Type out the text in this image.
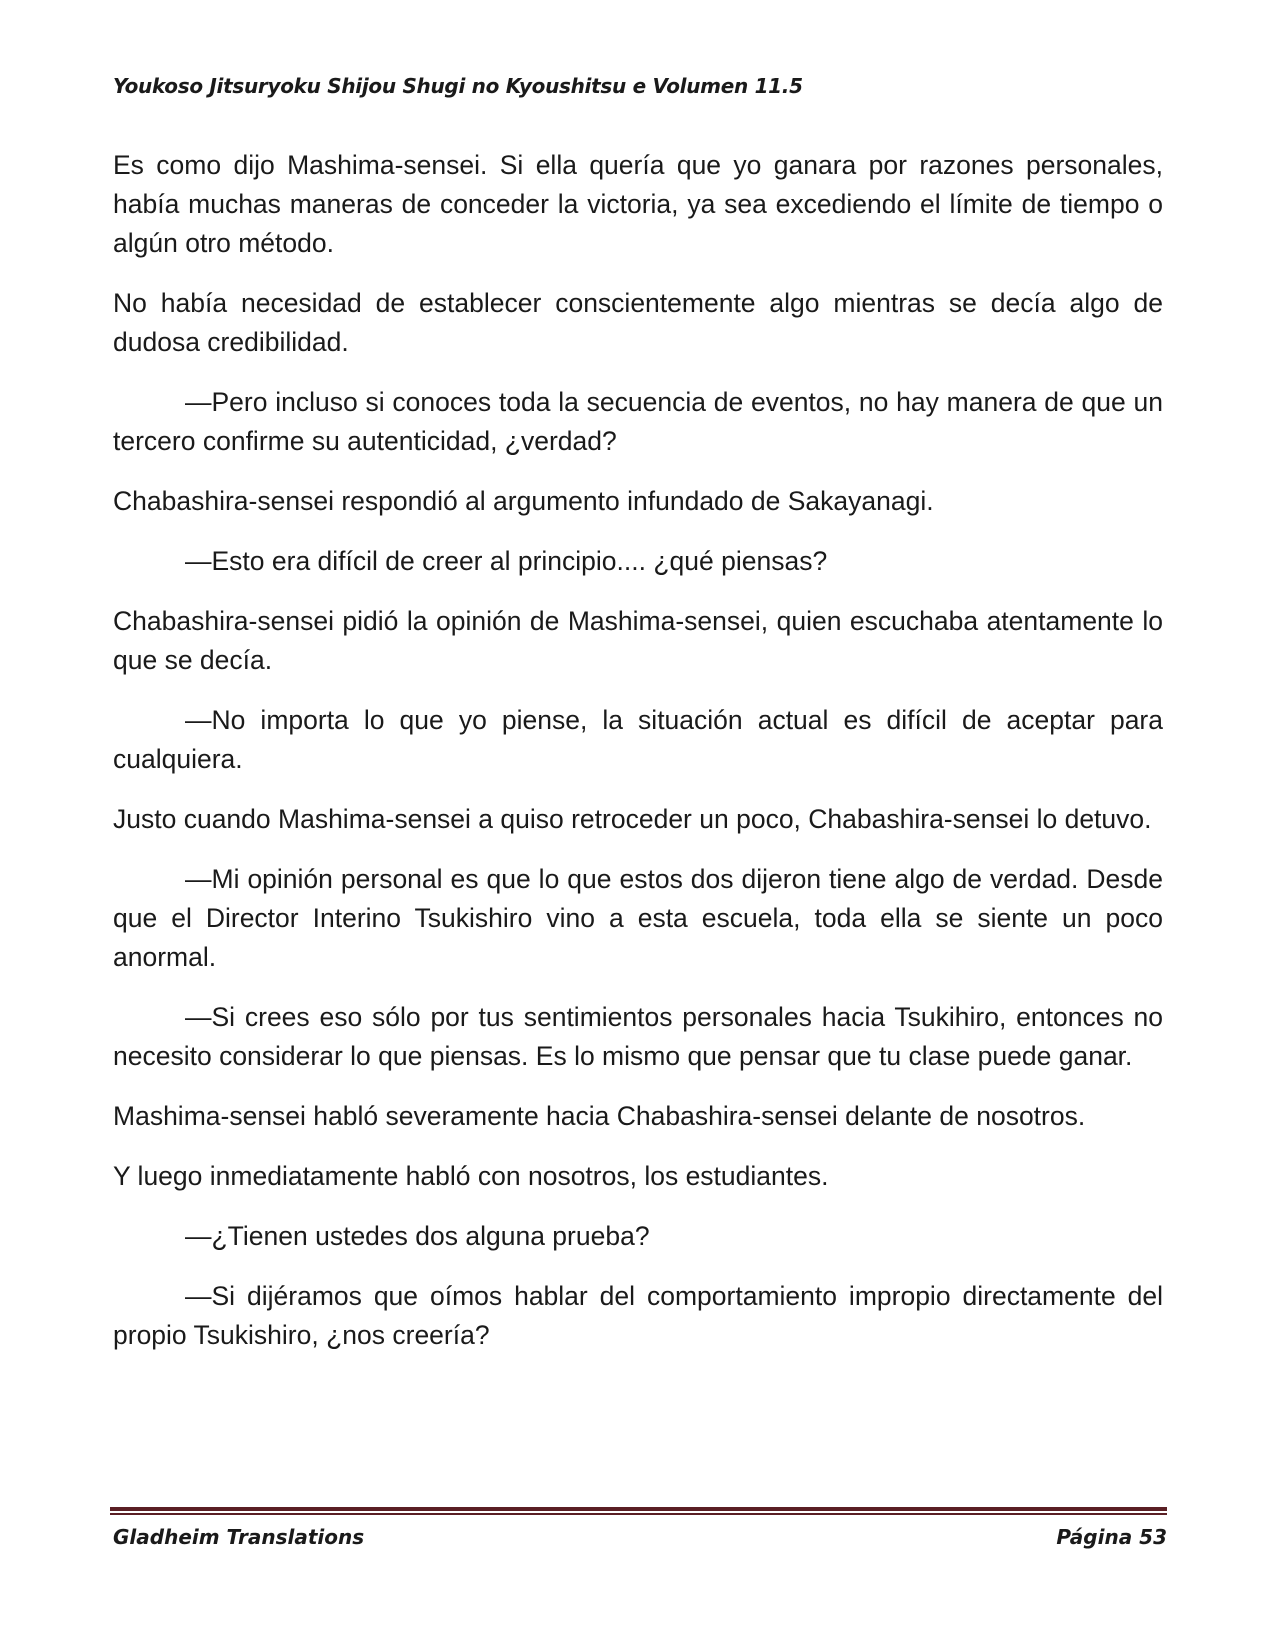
Youkoso Jitsuryoku Shijou Shugi no Kyoushitsu e Volumen 11.5

Es como dijo Mashima-sensei. Si ella quería que yo ganara por razones personales, había muchas maneras de conceder la victoria, ya sea excediendo el límite de tiempo o algún otro método.

No había necesidad de establecer conscientemente algo mientras se decía algo de dudosa credibilidad.

—Pero incluso si conoces toda la secuencia de eventos, no hay manera de que un tercero confirme su autenticidad, ¿verdad?

Chabashira-sensei respondió al argumento infundado de Sakayanagi.

—Esto era difícil de creer al principio.... ¿qué piensas?

Chabashira-sensei pidió la opinión de Mashima-sensei, quien escuchaba atentamente lo que se decía.

—No importa lo que yo piense, la situación actual es difícil de aceptar para cualquiera.

Justo cuando Mashima-sensei a quiso retroceder un poco, Chabashira-sensei lo detuvo.

—Mi opinión personal es que lo que estos dos dijeron tiene algo de verdad. Desde que el Director Interino Tsukishiro vino a esta escuela, toda ella se siente un poco anormal.

—Si crees eso sólo por tus sentimientos personales hacia Tsukihiro, entonces no necesito considerar lo que piensas. Es lo mismo que pensar que tu clase puede ganar.

Mashima-sensei habló severamente hacia Chabashira-sensei delante de nosotros.

Y luego inmediatamente habló con nosotros, los estudiantes.

—¿Tienen ustedes dos alguna prueba?

—Si dijéramos que oímos hablar del comportamiento impropio directamente del propio Tsukishiro, ¿nos creería?

Gladheim Translations	Página 53
